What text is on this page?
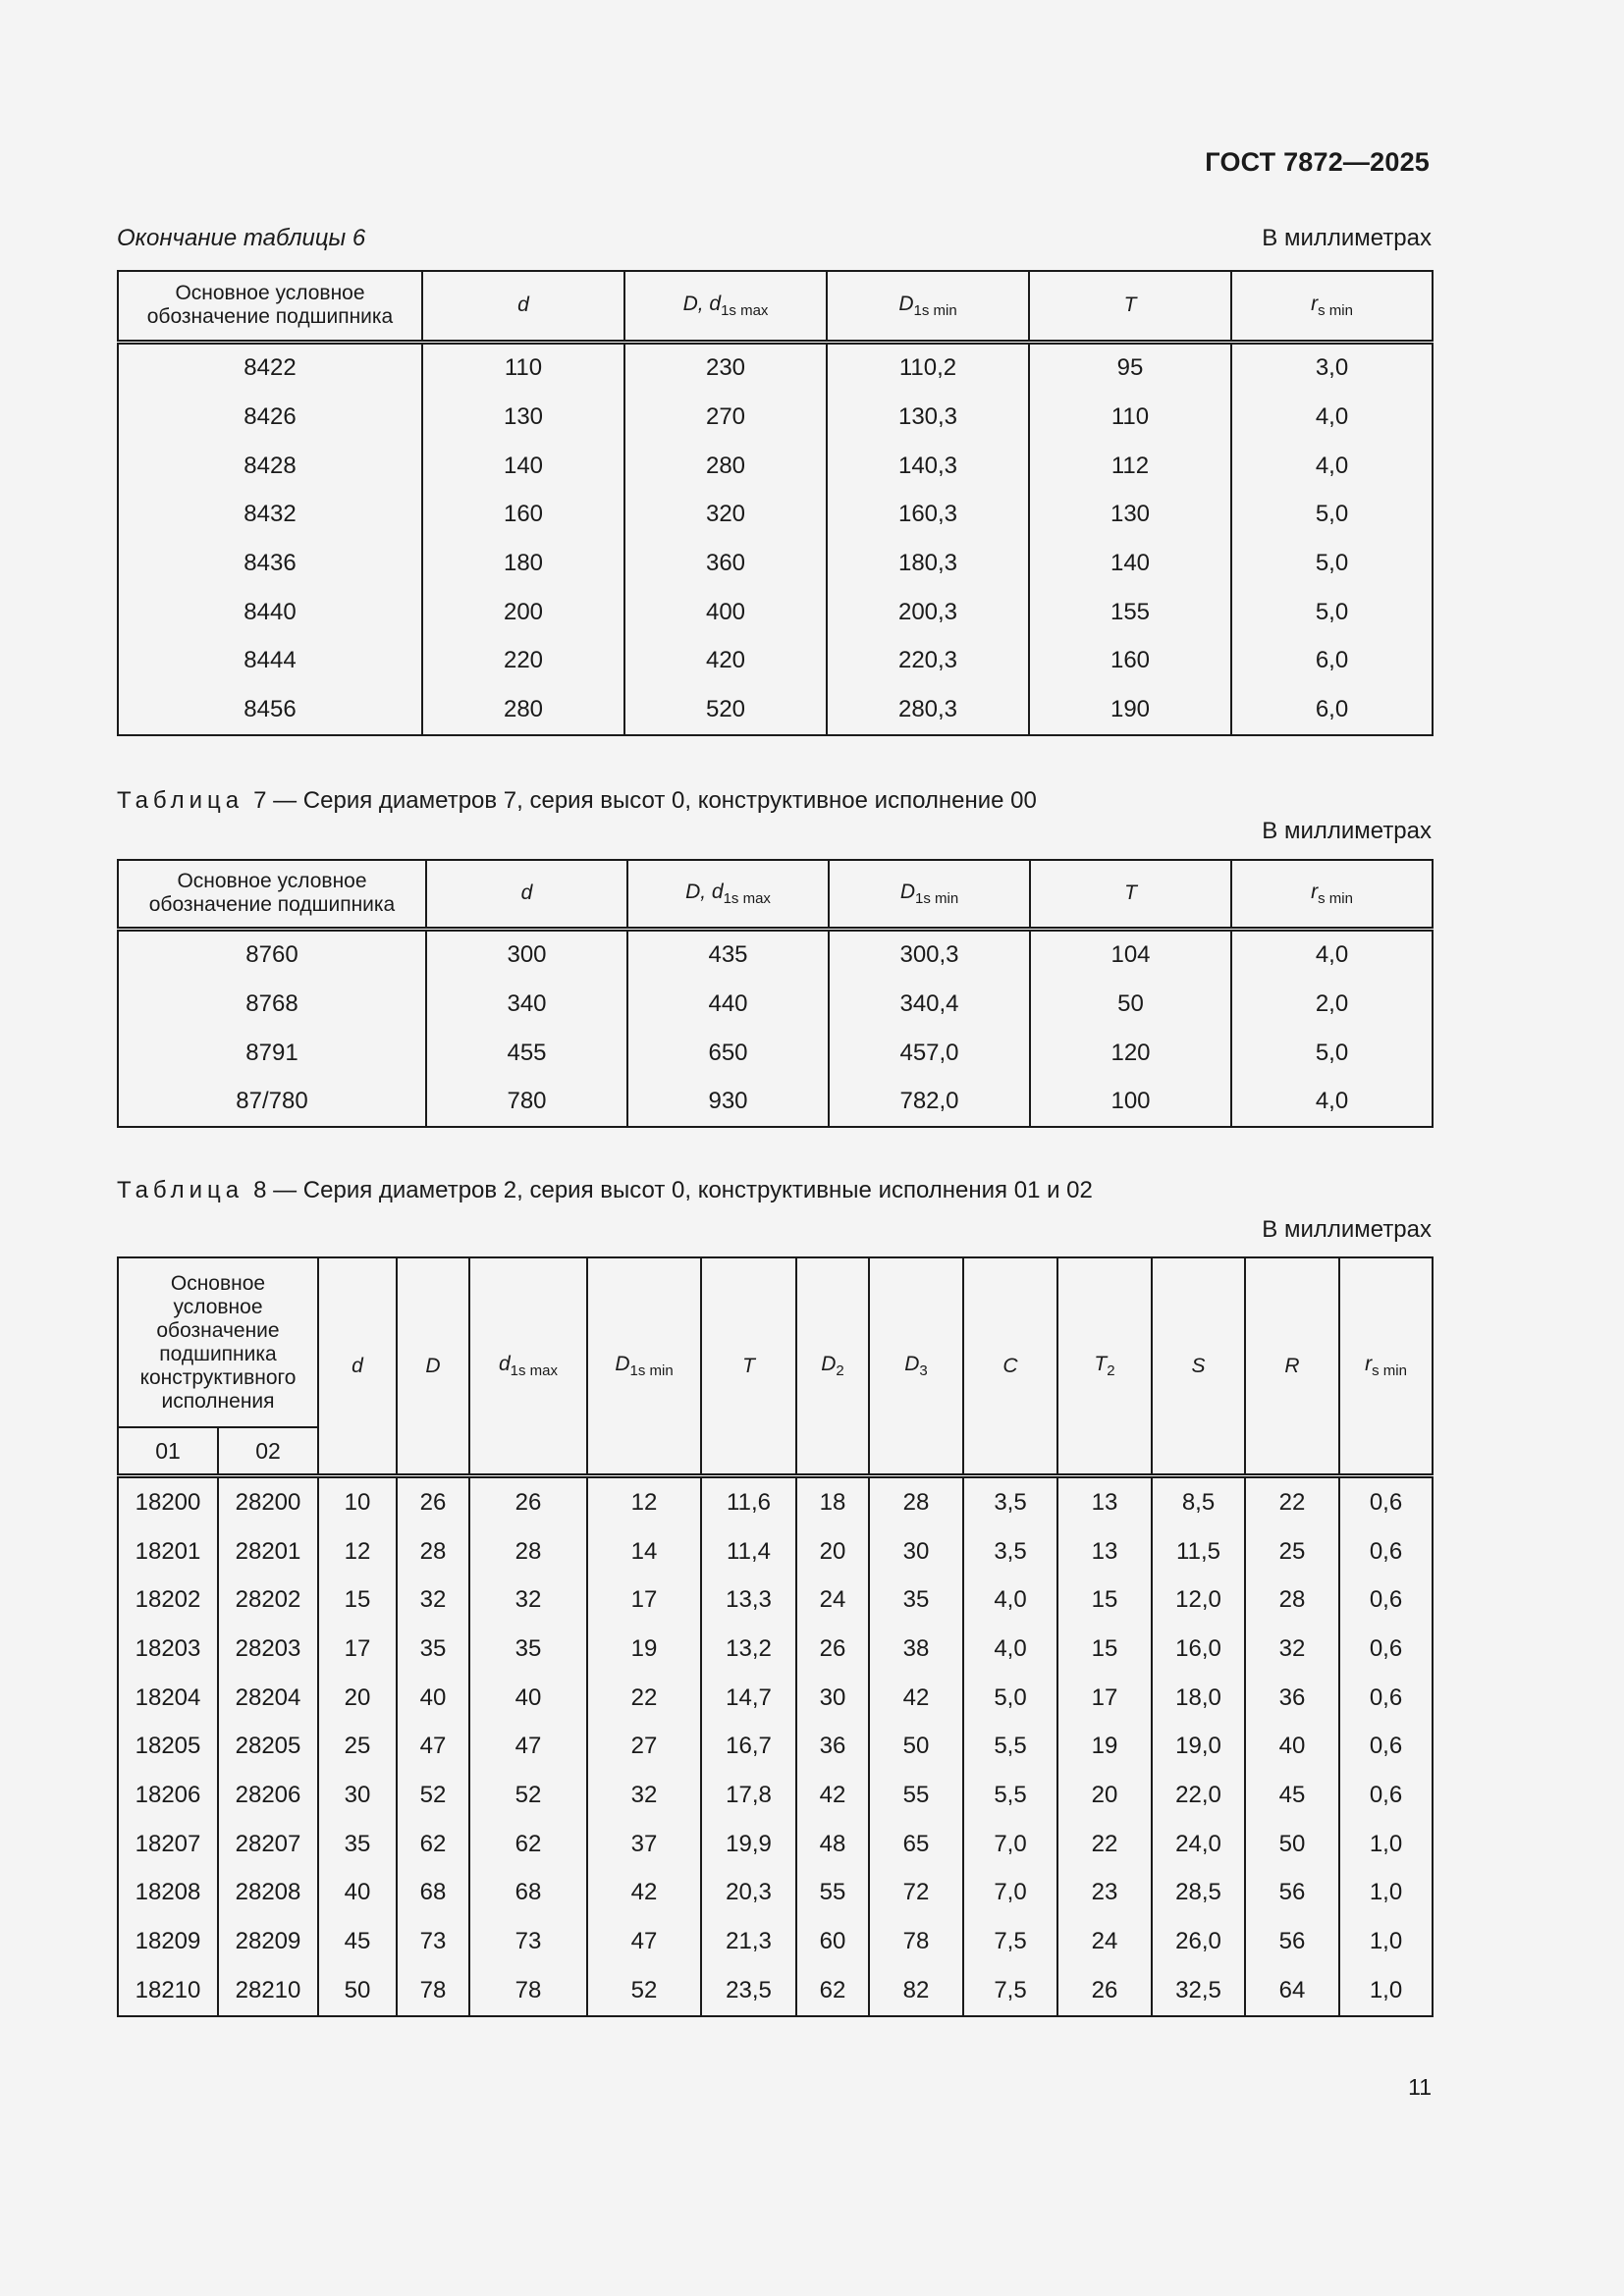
ГОСТ 7872—2025
Окончание таблицы 6	В миллиметрах
Основное условное обозначение подшипника	d	D, $d_{1s max}$	$D_{1s min}$	T	$r_{s min}$
8422	110	230	110,2	95	3,0
8426	130	270	130,3	110	4,0
8428	140	280	140,3	112	4,0
8432	160	320	160,3	130	5,0
8436	180	360	180,3	140	5,0
8440	200	400	200,3	155	5,0
8444	220	420	220,3	160	6,0
8456	280	520	280,3	190	6,0
Таблица 7 — Серия диаметров 7, серия высот 0, конструктивное исполнение 00
В миллиметрах
Основное условное обозначение подшипника	d	D, $d_{1s max}$	$D_{1s min}$	T	$r_{s min}$
8760	300	435	300,3	104	4,0
8768	340	440	340,4	50	2,0
8791	455	650	457,0	120	5,0
87/780	780	930	782,0	100	4,0
Таблица 8 — Серия диаметров 2, серия высот 0, конструктивные исполнения 01 и 02
В миллиметрах
Основное условное обозначение подшипника конструктивного исполнения		d	D	$d_{1s max}$	$D_{1s min}$	T	$D_2$	$D_3$	C	$T_2$	S	R	$r_{s min}$
01	02												
18200	28200	10	26	26	12	11,6	18	28	3,5	13	8,5	22	0,6
18201	28201	12	28	28	14	11,4	20	30	3,5	13	11,5	25	0,6
18202	28202	15	32	32	17	13,3	24	35	4,0	15	12,0	28	0,6
18203	28203	17	35	35	19	13,2	26	38	4,0	15	16,0	32	0,6
18204	28204	20	40	40	22	14,7	30	42	5,0	17	18,0	36	0,6
18205	28205	25	47	47	27	16,7	36	50	5,5	19	19,0	40	0,6
18206	28206	30	52	52	32	17,8	42	55	5,5	20	22,0	45	0,6
18207	28207	35	62	62	37	19,9	48	65	7,0	22	24,0	50	1,0
18208	28208	40	68	68	42	20,3	55	72	7,0	23	28,5	56	1,0
18209	28209	45	73	73	47	21,3	60	78	7,5	24	26,0	56	1,0
18210	28210	50	78	78	52	23,5	62	82	7,5	26	32,5	64	1,0
11
